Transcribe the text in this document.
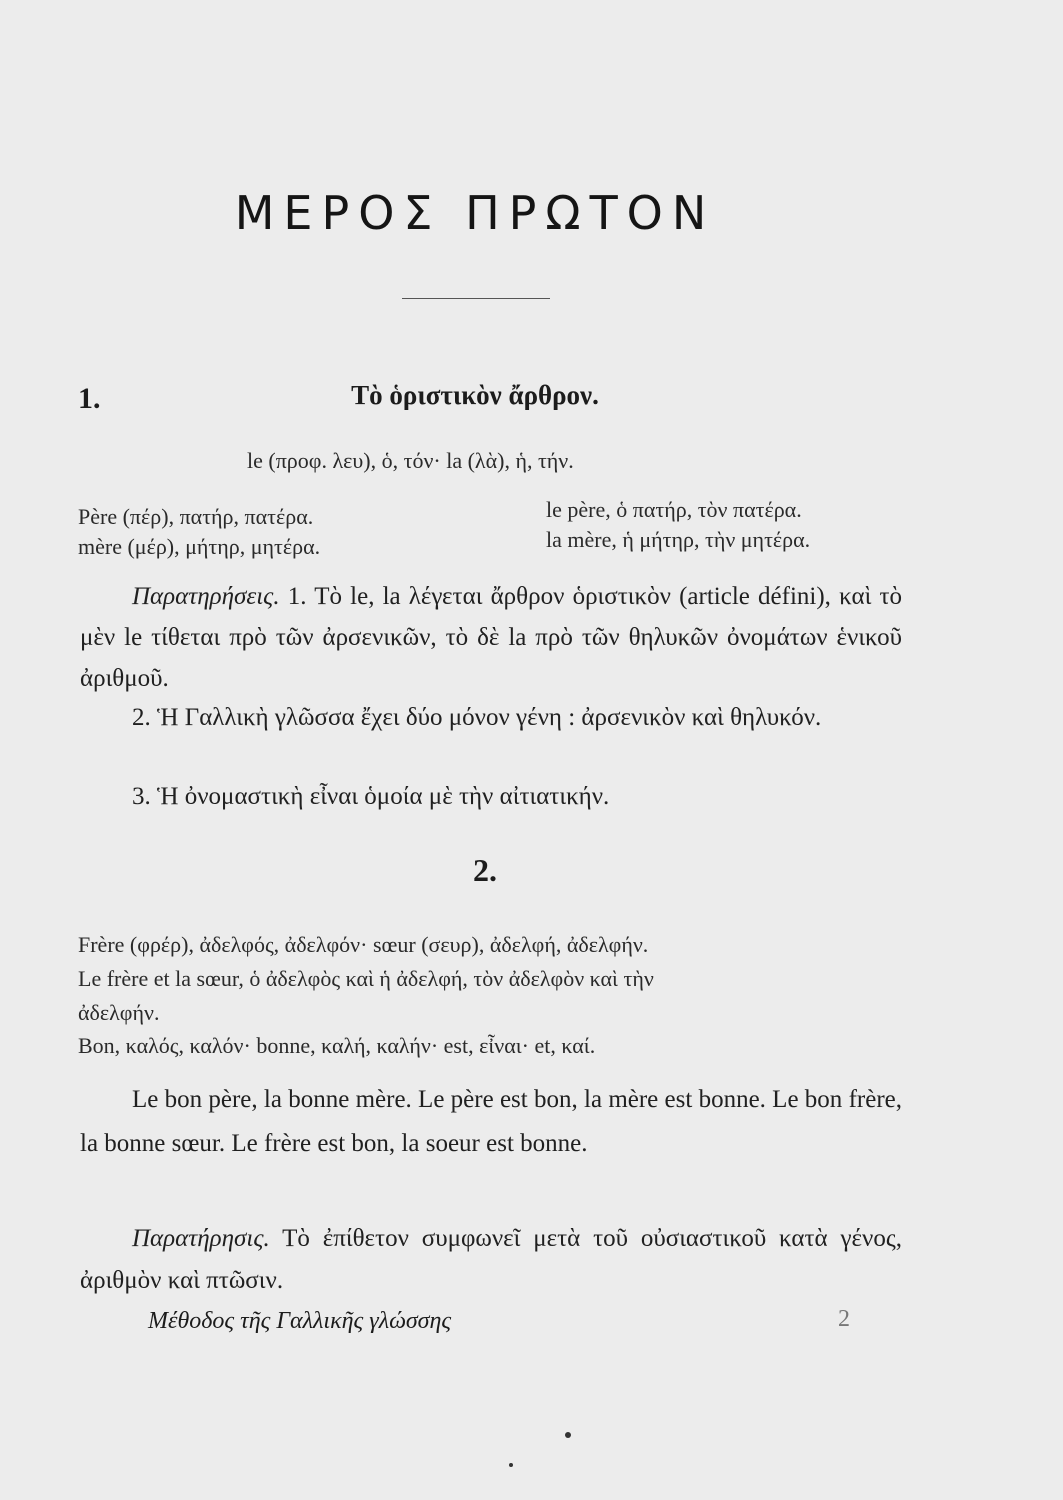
ΜΕΡΟΣ ΠΡΩΤΟΝ
1.	Τὸ ὁριστικὸν ἄρθρον.
le (προφ. λευ), ὁ, τόν· la (λὰ), ἡ, τήν.
Père (πέρ), πατήρ, πατέρα.
mère (μέρ), μήτηρ, μητέρα.
le père, ὁ πατήρ, τὸν πατέρα.
la mère, ἡ μήτηρ, τὴν μητέρα.
Παρατηρήσεις. 1. Τὸ le, la λέγεται ἄρθρον ὁριστικὸν (article défini), καὶ τὸ μὲν le τίθεται πρὸ τῶν ἀρσενικῶν, τὸ δὲ la πρὸ τῶν θηλυκῶν ὀνομάτων ἑνικοῦ ἀριθμοῦ.
2. Ἡ Γαλλικὴ γλῶσσα ἔχει δύο μόνον γένη : ἀρσενικὸν καὶ θηλυκόν.
3. Ἡ ὀνομαστικὴ εἶναι ὁμοία μὲ τὴν αἰτιατικήν.
2.
Frère (φρέρ), ἀδελφός, ἀδελφόν· sœur (σευρ), ἀδελφή, ἀδελφήν.
Le frère et la sœur, ὁ ἀδελφὸς καὶ ἡ ἀδελφή, τὸν ἀδελφὸν καὶ τὴν
ἀδελφήν.
Bon, καλός, καλόν· bonne, καλή, καλήν· est, εἶναι· et, καί.
Le bon père, la bonne mère. Le père est bon, la mère est bonne. Le bon frère, la bonne sœur. Le frère est bon, la soeur est bonne.
Παρατήρησις. Τὸ ἐπίθετον συμφωνεῖ μετὰ τοῦ οὐσιαστικοῦ κατὰ γένος, ἀριθμὸν καὶ πτῶσιν.
Μέθοδος τῆς Γαλλικῆς γλώσσης	2
